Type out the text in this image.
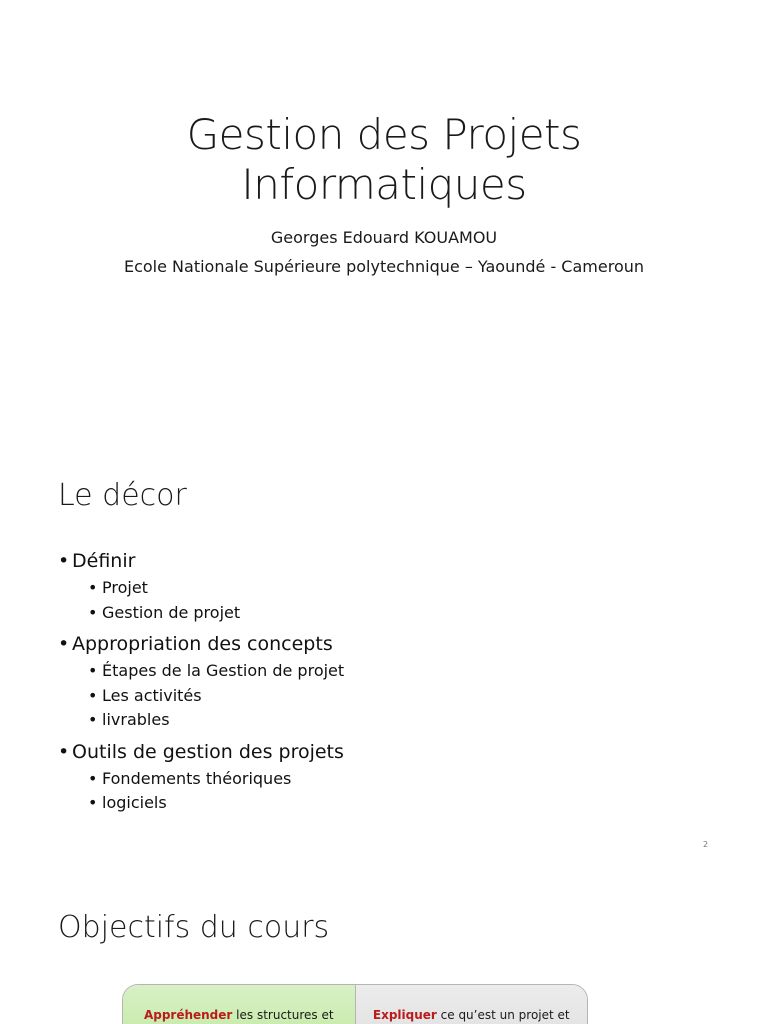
Gestion des Projets
Informatiques
Georges Edouard KOUAMOU
Ecole Nationale Supérieure polytechnique – Yaoundé - Cameroun
Le décor
• Définir
• Projet
• Gestion de projet
• Appropriation des concepts
• Étapes de la Gestion de projet
• Les activités
• livrables
• Outils de gestion des projets
• Fondements théoriques
• logiciels
2
Objectifs du cours
Appréhender les structures et	Expliquer ce qu’est un projet et
